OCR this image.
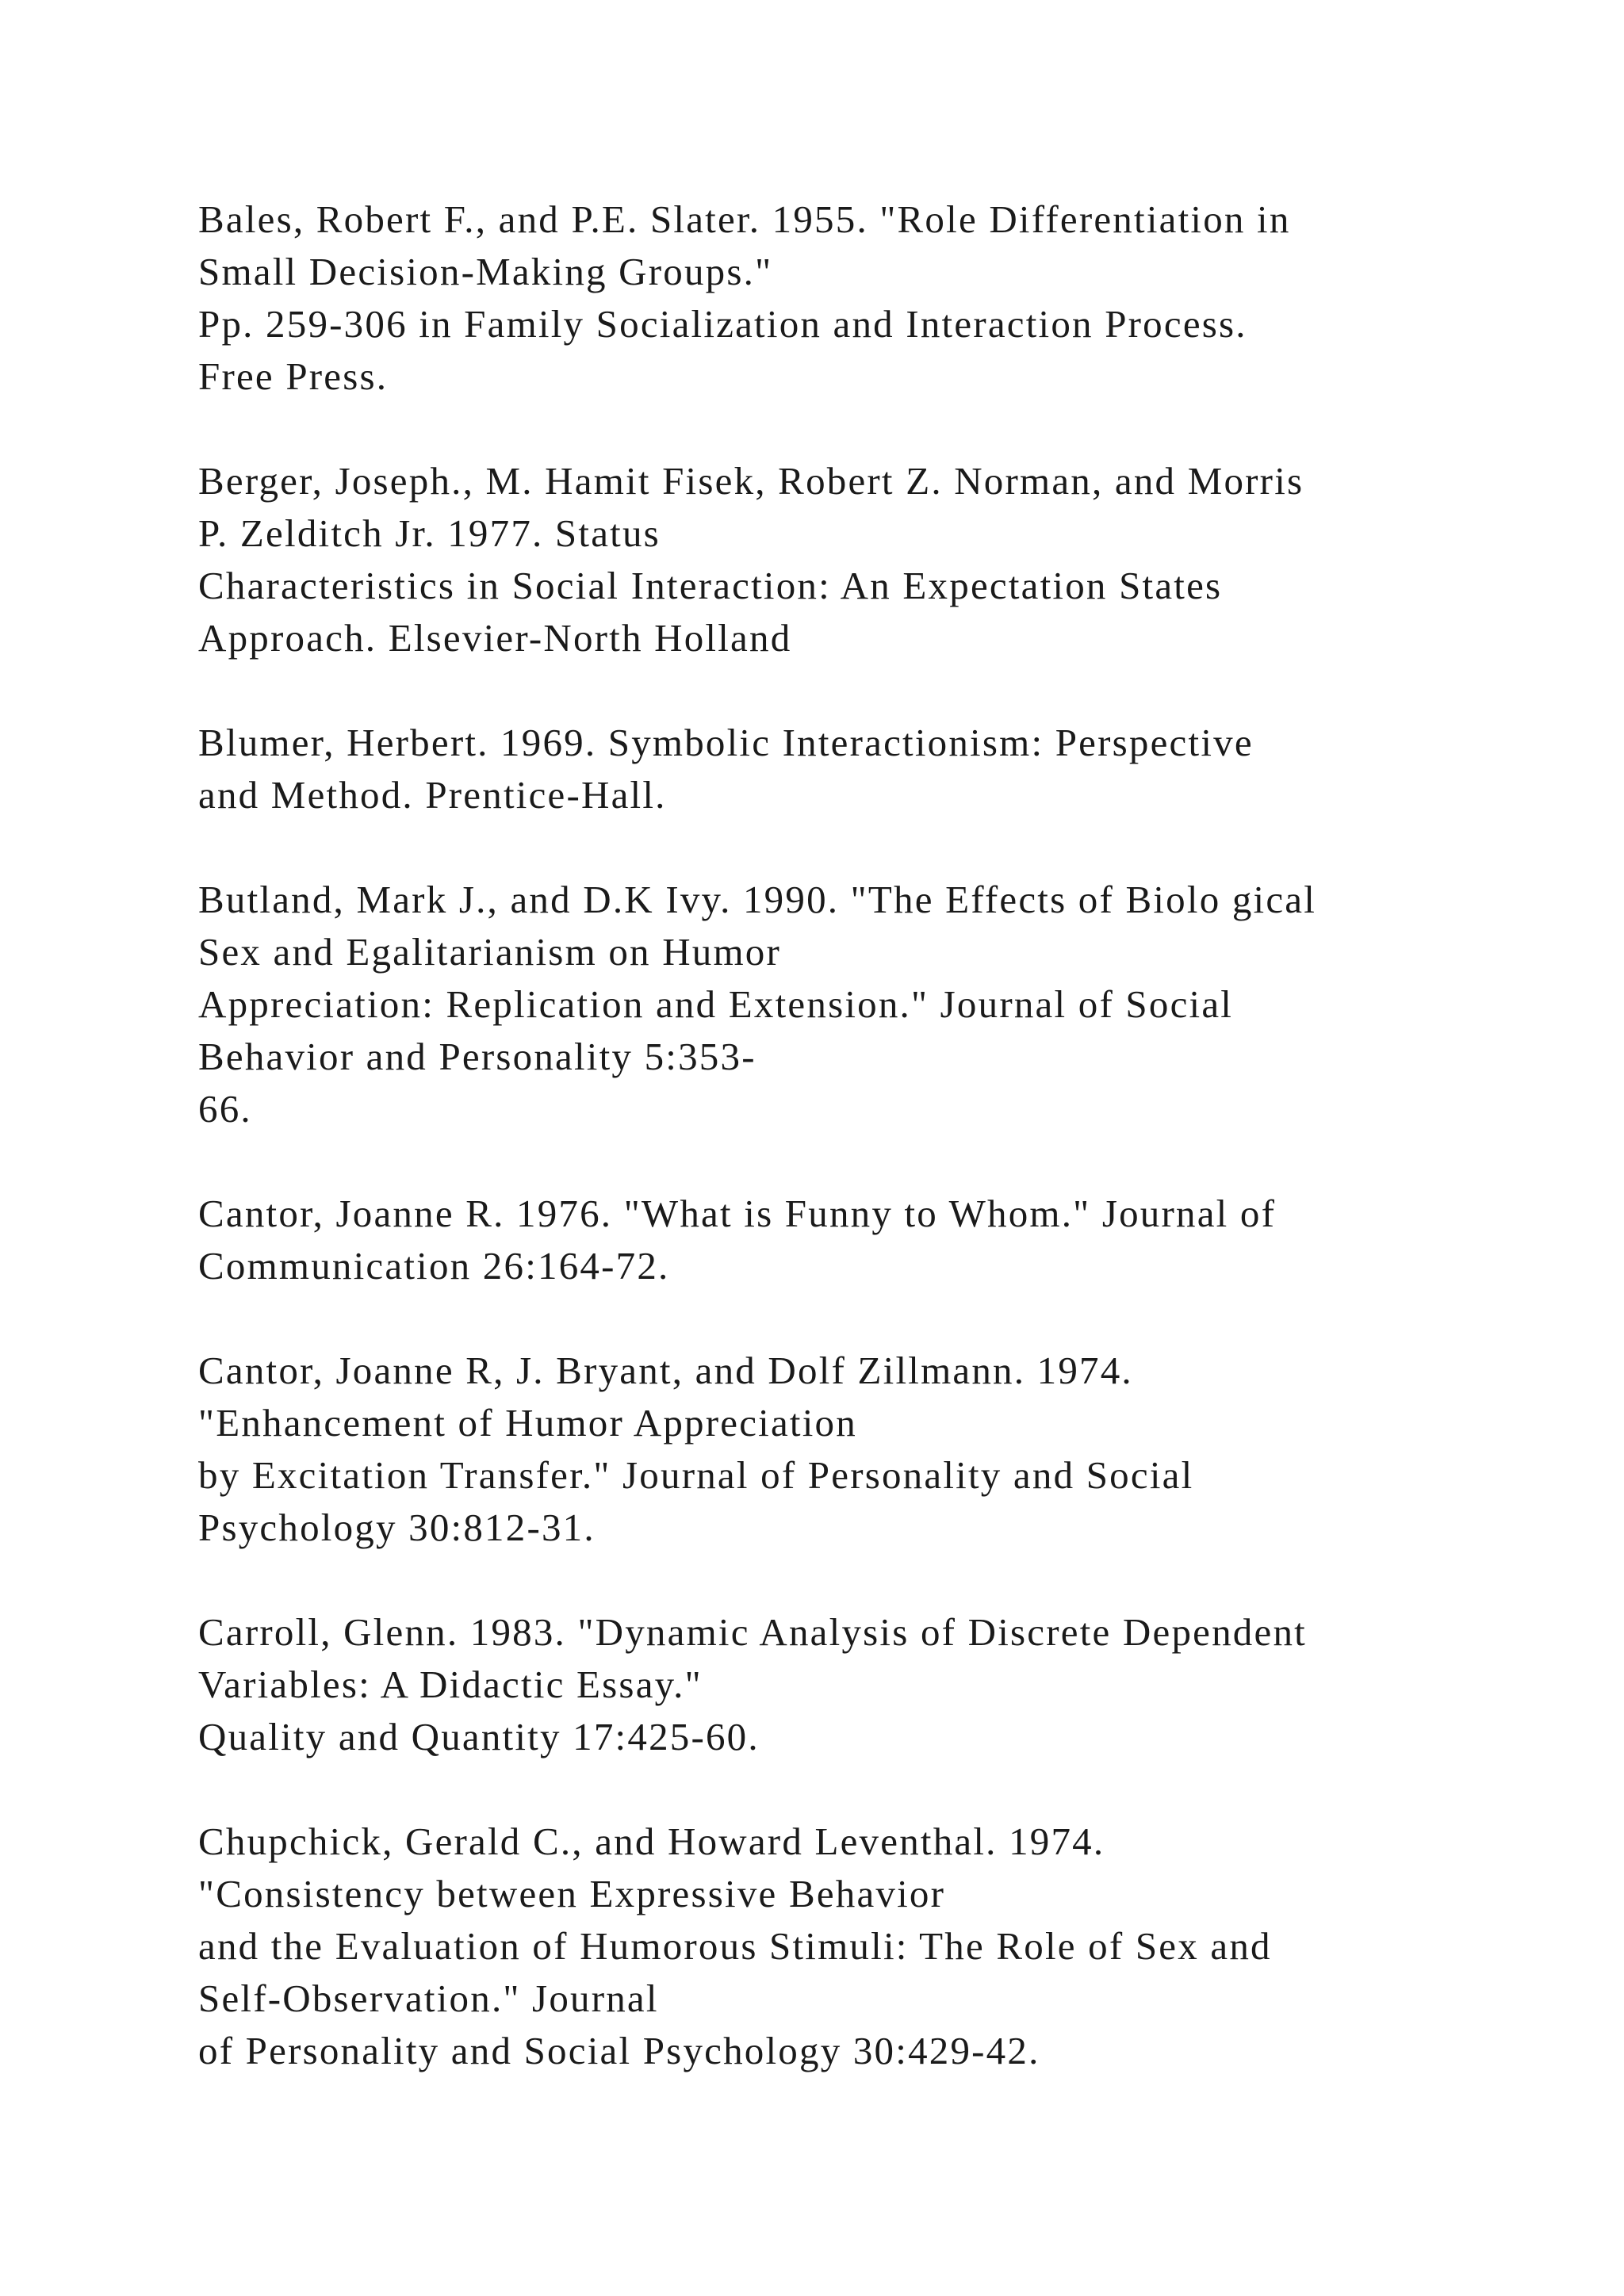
Bales, Robert F., and P.E. Slater. 1955. "Role Differentiation in
Small Decision-Making Groups."
Pp. 259-306 in Family Socialization and Interaction Process.
Free Press.
Berger, Joseph., M. Hamit Fisek, Robert Z. Norman, and Morris
P. Zelditch Jr. 1977. Status
Characteristics in Social Interaction: An Expectation States
Approach. Elsevier-North Holland
Blumer, Herbert. 1969. Symbolic Interactionism: Perspective
and Method. Prentice-Hall.
Butland, Mark J., and D.K Ivy. 1990. "The Effects of Biolo gical
Sex and Egalitarianism on Humor
Appreciation: Replication and Extension." Journal of Social
Behavior and Personality 5:353-
66.
Cantor, Joanne R. 1976. "What is Funny to Whom." Journal of
Communication 26:164-72.
Cantor, Joanne R, J. Bryant, and Dolf Zillmann. 1974.
"Enhancement of Humor Appreciation
by Excitation Transfer." Journal of Personality and Social
Psychology 30:812-31.
Carroll, Glenn. 1983. "Dynamic Analysis of Discrete Dependent
Variables: A Didactic Essay."
Quality and Quantity 17:425-60.
Chupchick, Gerald C., and Howard Leventhal. 1974.
"Consistency between Expressive Behavior
and the Evaluation of Humorous Stimuli: The Role of Sex and
Self-Observation." Journal
of Personality and Social Psychology 30:429-42.
